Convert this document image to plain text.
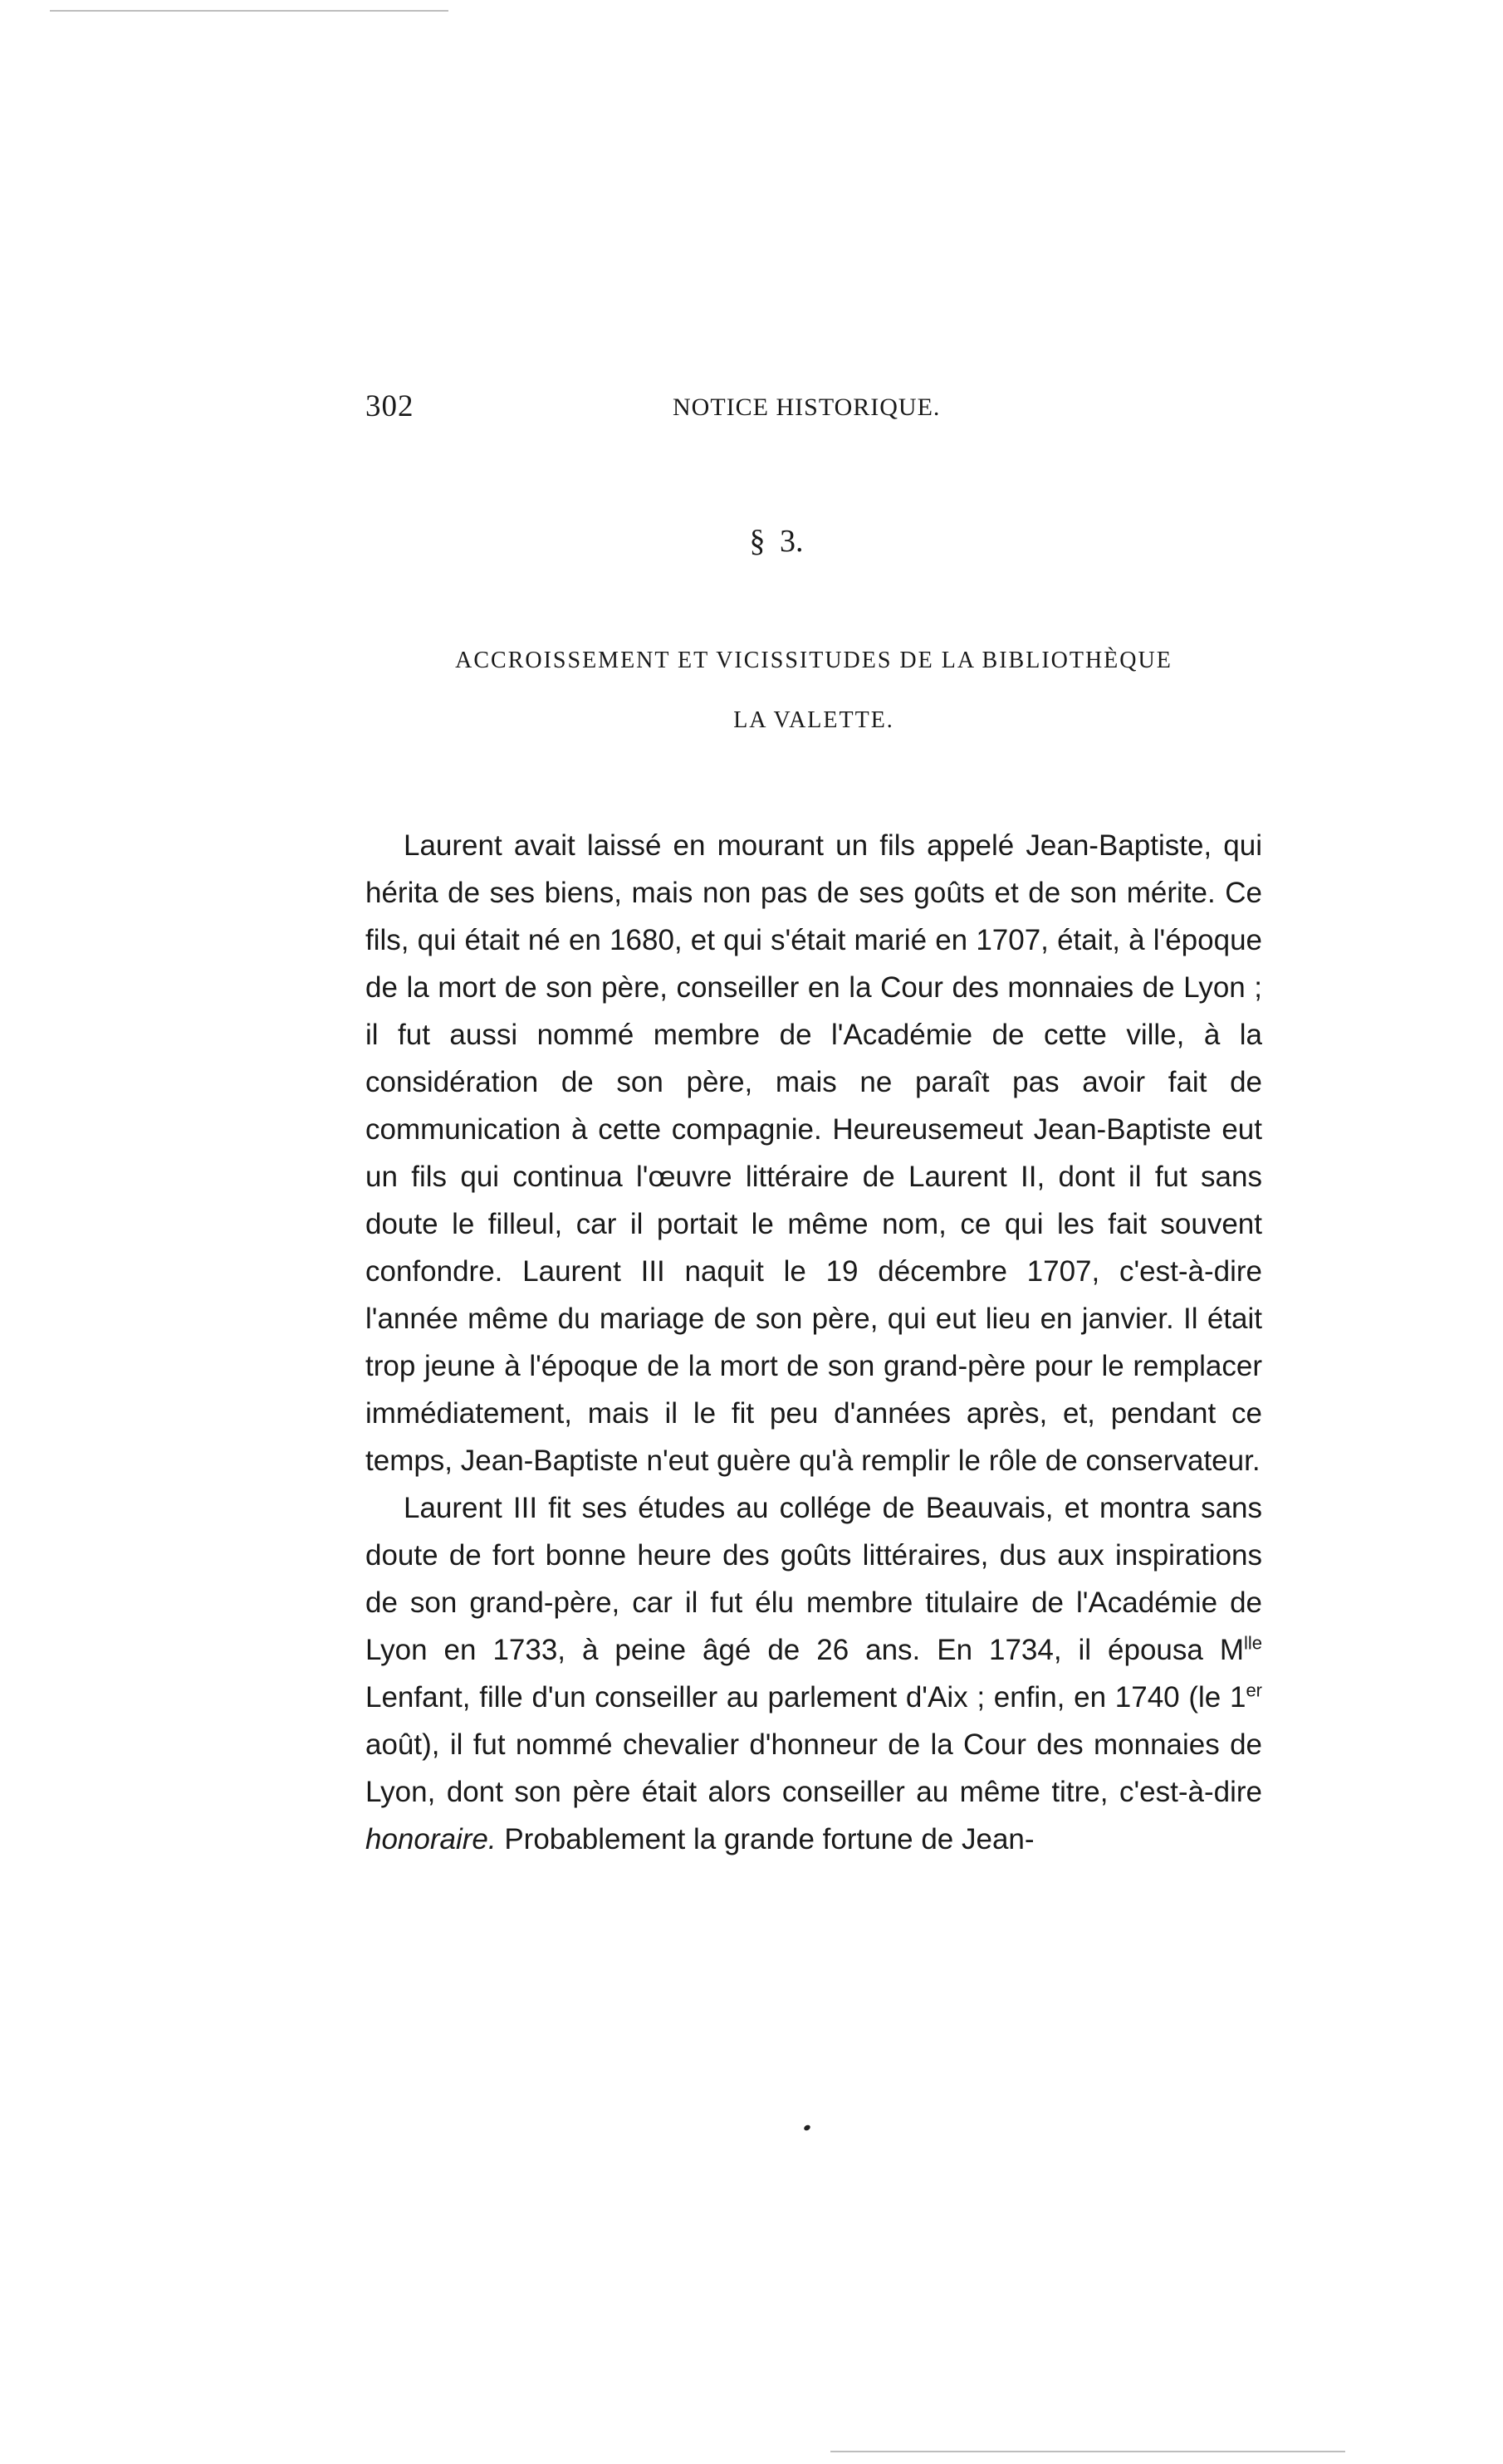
302	NOTICE HISTORIQUE.
§ 3.
ACCROISSEMENT ET VICISSITUDES DE LA BIBLIOTHÈQUE
LA VALETTE.

Laurent avait laissé en mourant un fils appelé Jean-Baptiste, qui hérita de ses biens, mais non pas de ses goûts et de son mérite. Ce fils, qui était né en 1680, et qui s'était marié en 1707, était, à l'époque de la mort de son père, conseiller en la Cour des monnaies de Lyon ; il fut aussi nommé membre de l'Académie de cette ville, à la considération de son père, mais ne paraît pas avoir fait de communication à cette compagnie. Heureusemeut Jean-Baptiste eut un fils qui continua l'œuvre littéraire de Laurent II, dont il fut sans doute le filleul, car il portait le même nom, ce qui les fait souvent confondre. Laurent III naquit le 19 décembre 1707, c'est-à-dire l'année même du mariage de son père, qui eut lieu en janvier. Il était trop jeune à l'époque de la mort de son grand-père pour le remplacer immédiatement, mais il le fit peu d'années après, et, pendant ce temps, Jean-Baptiste n'eut guère qu'à remplir le rôle de conservateur.

Laurent III fit ses études au collége de Beauvais, et montra sans doute de fort bonne heure des goûts littéraires, dus aux inspirations de son grand-père, car il fut élu membre titulaire de l'Académie de Lyon en 1733, à peine âgé de 26 ans. En 1734, il épousa $M^{lle}$ Lenfant, fille d'un conseiller au parlement d'Aix ; enfin, en 1740 (le 1er août), il fut nommé chevalier d'honneur de la Cour des monnaies de Lyon, dont son père était alors conseiller au même titre, c'est-à-dire honoraire. Probablement la grande fortune de Jean-
